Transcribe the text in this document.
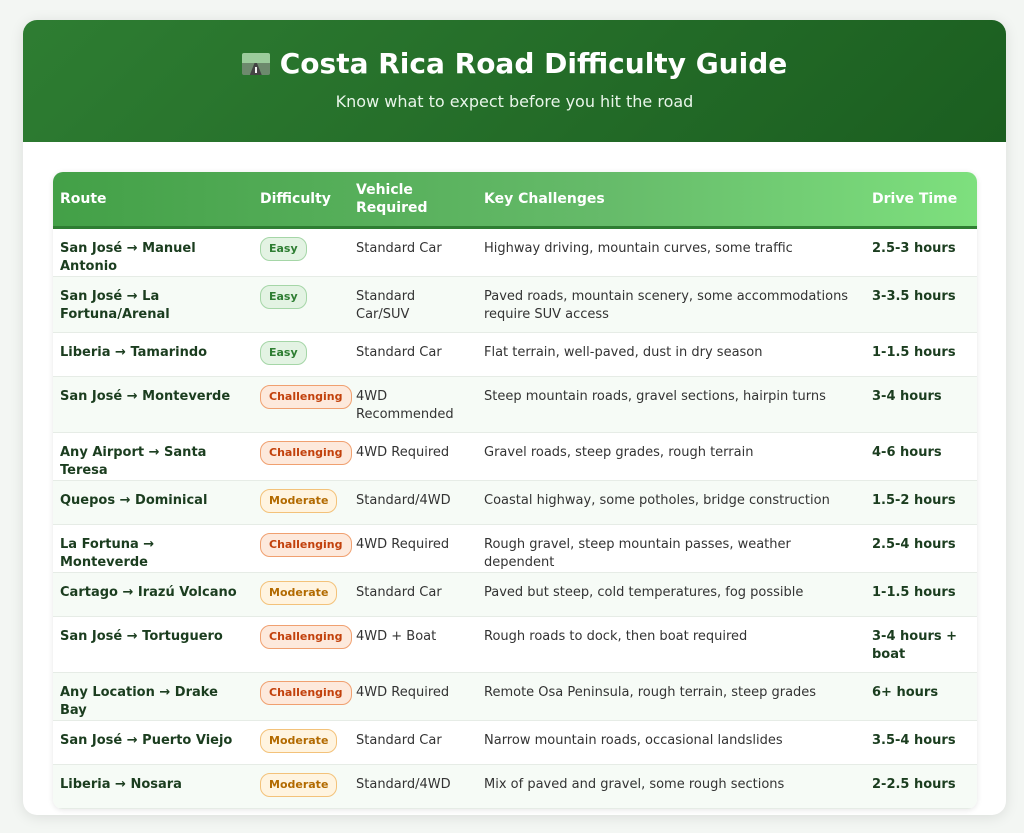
Costa Rica Road Difficulty Guide
Know what to expect before you hit the road
Route	Difficulty	Vehicle Required	Key Challenges	Drive Time
San José → Manuel Antonio	Easy	Standard Car	Highway driving, mountain curves, some traffic	2.5-3 hours
San José → La Fortuna/Arenal	Easy	Standard Car/SUV	Paved roads, mountain scenery, some accommodations require SUV access	3-3.5 hours
Liberia → Tamarindo	Easy	Standard Car	Flat terrain, well-paved, dust in dry season	1-1.5 hours
San José → Monteverde	Challenging	4WD Recommended	Steep mountain roads, gravel sections, hairpin turns	3-4 hours
Any Airport → Santa Teresa	Challenging	4WD Required	Gravel roads, steep grades, rough terrain	4-6 hours
Quepos → Dominical	Moderate	Standard/4WD	Coastal highway, some potholes, bridge construction	1.5-2 hours
La Fortuna → Monteverde	Challenging	4WD Required	Rough gravel, steep mountain passes, weather dependent	2.5-4 hours
Cartago → Irazú Volcano	Moderate	Standard Car	Paved but steep, cold temperatures, fog possible	1-1.5 hours
San José → Tortuguero	Challenging	4WD + Boat	Rough roads to dock, then boat required	3-4 hours + boat
Any Location → Drake Bay	Challenging	4WD Required	Remote Osa Peninsula, rough terrain, steep grades	6+ hours
San José → Puerto Viejo	Moderate	Standard Car	Narrow mountain roads, occasional landslides	3.5-4 hours
Liberia → Nosara	Moderate	Standard/4WD	Mix of paved and gravel, some rough sections	2-2.5 hours
